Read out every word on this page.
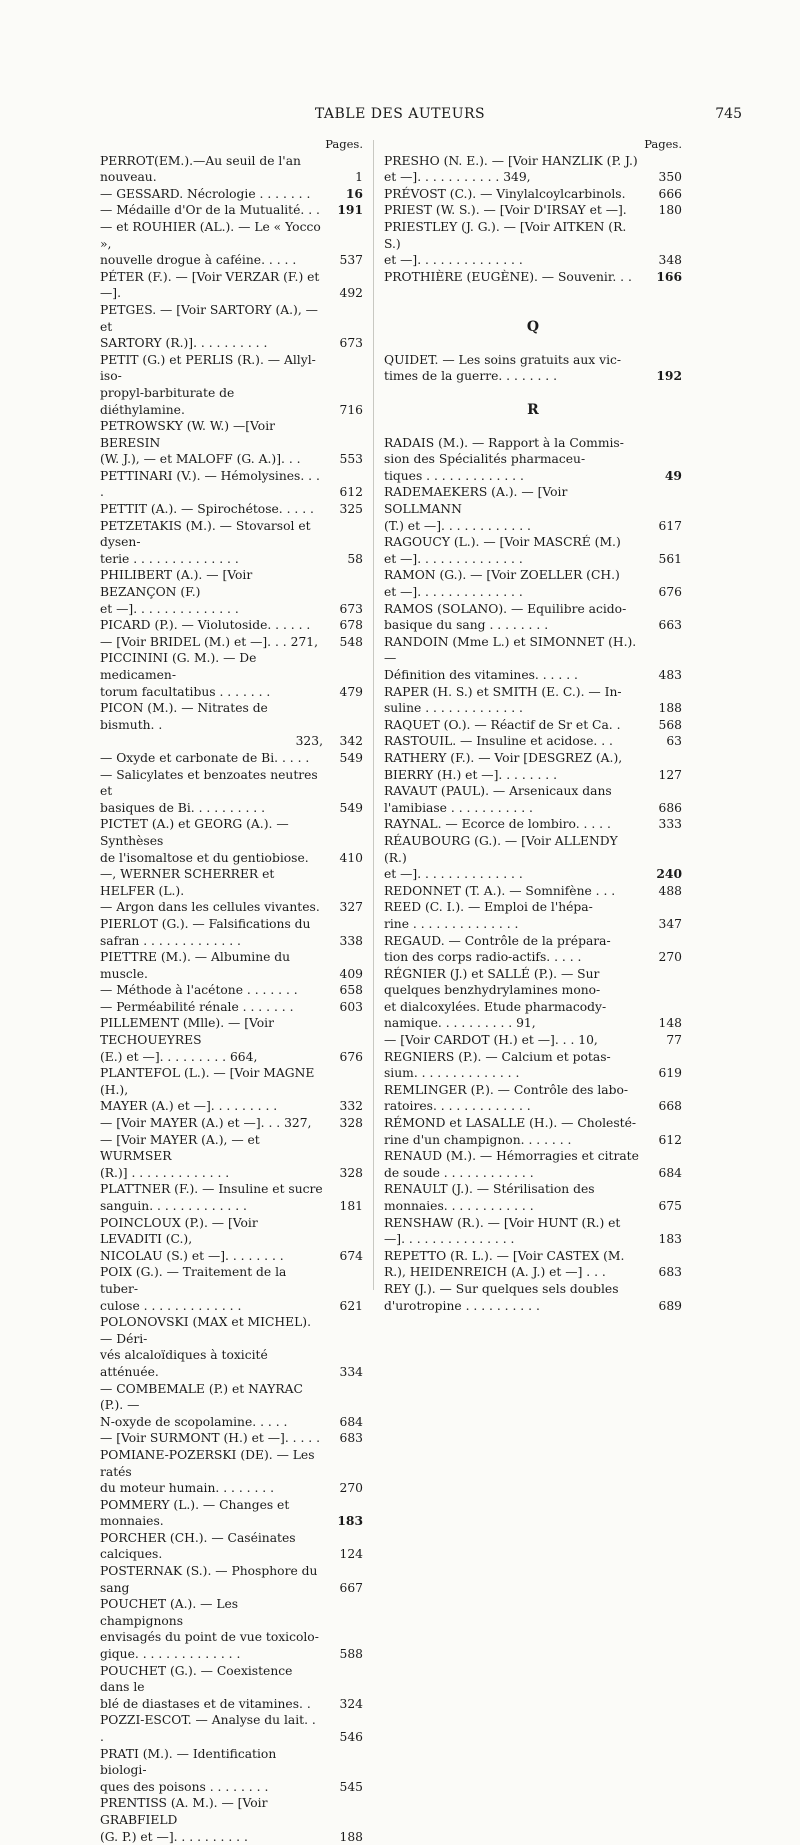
TABLE DES AUTEURS	745
Pages.
PERROT(EM.).—Au seuil de l'an nouveau.	1
— GESSARD. Nécrologie . . . . . . .	16
— Médaille d'Or de la Mutualité. . .	191
— et ROUHIER (AL.). — Le « Yocco »,
nouvelle drogue à caféine. . . . .	537
PÉTER (F.). — [Voir VERZAR (F.) et —].	492
PETGES. — [Voir SARTORY (A.), — et
SARTORY (R.)]. . . . . . . . . .	673
PETIT (G.) et PERLIS (R.). — Allyl-iso-
propyl-barbiturate de diéthylamine.	716
PETROWSKY (W. W.) —[Voir BERESIN
(W. J.), — et MALOFF (G. A.)]. . .	553
PETTINARI (V.). — Hémolysines. . . .	612
PETTIT (A.). — Spirochétose. . . . .	325
PETZETAKIS (M.). — Stovarsol et dysen-
terie . . . . . . . . . . . . . .	58
PHILIBERT (A.). — [Voir BEZANÇON (F.)
et —]. . . . . . . . . . . . . .	673
PICARD (P.). — Violutoside. . . . . .	678
— [Voir BRIDEL (M.) et —]. . . 271,	548
PICCININI (G. M.). — De medicamen-
torum facultatibus . . . . . . .	479
PICON (M.). — Nitrates de bismuth. .
323,	342
— Oxyde et carbonate de Bi. . . . .	549
— Salicylates et benzoates neutres et
basiques de Bi. . . . . . . . . .	549
PICTET (A.) et GEORG (A.). — Synthèses
de l'isomaltose et du gentiobiose.	410
—, WERNER SCHERRER et HELFER (L.).
— Argon dans les cellules vivantes.	327
PIERLOT (G.). — Falsifications du
safran . . . . . . . . . . . . .	338
PIETTRE (M.). — Albumine du muscle.	409
— Méthode à l'acétone . . . . . . .	658
— Perméabilité rénale . . . . . . .	603
PILLEMENT (Mlle). — [Voir TECHOUEYRES
(E.) et —]. . . . . . . . . 664,	676
PLANTEFOL (L.). — [Voir MAGNE (H.),
MAYER (A.) et —]. . . . . . . . .	332
— [Voir MAYER (A.) et —]. . . 327,	328
— [Voir MAYER (A.), — et WURMSER
(R.)] . . . . . . . . . . . . .	328
PLATTNER (F.). — Insuline et sucre
sanguin. . . . . . . . . . . . .	181
POINCLOUX (P.). — [Voir LEVADITI (C.),
NICOLAU (S.) et —]. . . . . . . .	674
POIX (G.). — Traitement de la tuber-
culose . . . . . . . . . . . . .	621
POLONOVSKI (MAX et MICHEL). — Déri-
vés alcaloïdiques à toxicité atténuée.	334
— COMBEMALE (P.) et NAYRAC (P.). —
N-oxyde de scopolamine. . . . .	684
— [Voir SURMONT (H.) et —]. . . . .	683
POMIANE-POZERSKI (DE). — Les ratés
du moteur humain. . . . . . . .	270
POMMERY (L.). — Changes et monnaies.	183
PORCHER (CH.). — Caséinates calciques.	124
POSTERNAK (S.). — Phosphore du sang	667
POUCHET (A.). — Les champignons
envisagés du point de vue toxicolo-
gique. . . . . . . . . . . . . .	588
POUCHET (G.). — Coexistence dans le
blé de diastases et de vitamines. .	324
POZZI-ESCOT. — Analyse du lait. . .	546
PRATI (M.). — Identification biologi-
ques des poisons . . . . . . . .	545
PRENTISS (A. M.). — [Voir GRABFIELD
(G. P.) et —]. . . . . . . . . .	188
Pages.
PRESHO (N. E.). — [Voir HANZLIK (P. J.)
et —]. . . . . . . . . . . 349,	350
PRÉVOST (C.). — Vinylalcoylcarbinols.	666
PRIEST (W. S.). — [Voir D'IRSAY et —].	180
PRIESTLEY (J. G.). — [Voir AITKEN (R. S.)
et —]. . . . . . . . . . . . . .	348
PROTHIÈRE (EUGÈNE). — Souvenir. . .	166
Q
QUIDET. — Les soins gratuits aux vic-
times de la guerre. . . . . . . .	192
R
RADAIS (M.). — Rapport à la Commis-
sion des Spécialités pharmaceu-
tiques . . . . . . . . . . . . .	49
RADEMAEKERS (A.). — [Voir SOLLMANN
(T.) et —]. . . . . . . . . . . .	617
RAGOUCY (L.). — [Voir MASCRÉ (M.)
et —]. . . . . . . . . . . . . .	561
RAMON (G.). — [Voir ZOELLER (CH.)
et —]. . . . . . . . . . . . . .	676
RAMOS (SOLANO). — Equilibre acido-
basique du sang . . . . . . . .	663
RANDOIN (Mme L.) et SIMONNET (H.). —
Définition des vitamines. . . . . .	483
RAPER (H. S.) et SMITH (E. C.). — In-
suline . . . . . . . . . . . . .	188
RAQUET (O.). — Réactif de Sr et Ca. .	568
RASTOUIL. — Insuline et acidose. . .	63
RATHERY (F.). — Voir [DESGREZ (A.),
BIERRY (H.) et —]. . . . . . . .	127
RAVAUT (PAUL). — Arsenicaux dans
l'amibiase . . . . . . . . . . .	686
RAYNAL. — Ecorce de lombiro. . . . .	333
RÉAUBOURG (G.). — [Voir ALLENDY (R.)
et —]. . . . . . . . . . . . . .	240
REDONNET (T. A.). — Somnifène . . .	488
REED (C. I.). — Emploi de l'hépa-
rine . . . . . . . . . . . . . .	347
REGAUD. — Contrôle de la prépara-
tion des corps radio-actifs. . . . .	270
RÉGNIER (J.) et SALLÉ (P.). — Sur
quelques benzhydrylamines mono-
et dialcoxylées. Etude pharmacody-
namique. . . . . . . . . . 91,	148
— [Voir CARDOT (H.) et —]. . . 10,	77
REGNIERS (P.). — Calcium et potas-
sium. . . . . . . . . . . . . .	619
REMLINGER (P.). — Contrôle des labo-
ratoires. . . . . . . . . . . . .	668
RÉMOND et LASALLE (H.). — Cholesté-
rine d'un champignon. . . . . . .	612
RENAUD (M.). — Hémorragies et citrate
de soude . . . . . . . . . . . .	684
RENAULT (J.). — Stérilisation des
monnaies. . . . . . . . . . . .	675
RENSHAW (R.). — [Voir HUNT (R.) et
—]. . . . . . . . . . . . . . .	183
REPETTO (R. L.). — [Voir CASTEX (M.
R.), HEIDENREICH (A. J.) et —] . . .	683
REY (J.). — Sur quelques sels doubles
d'urotropine . . . . . . . . . .	689
